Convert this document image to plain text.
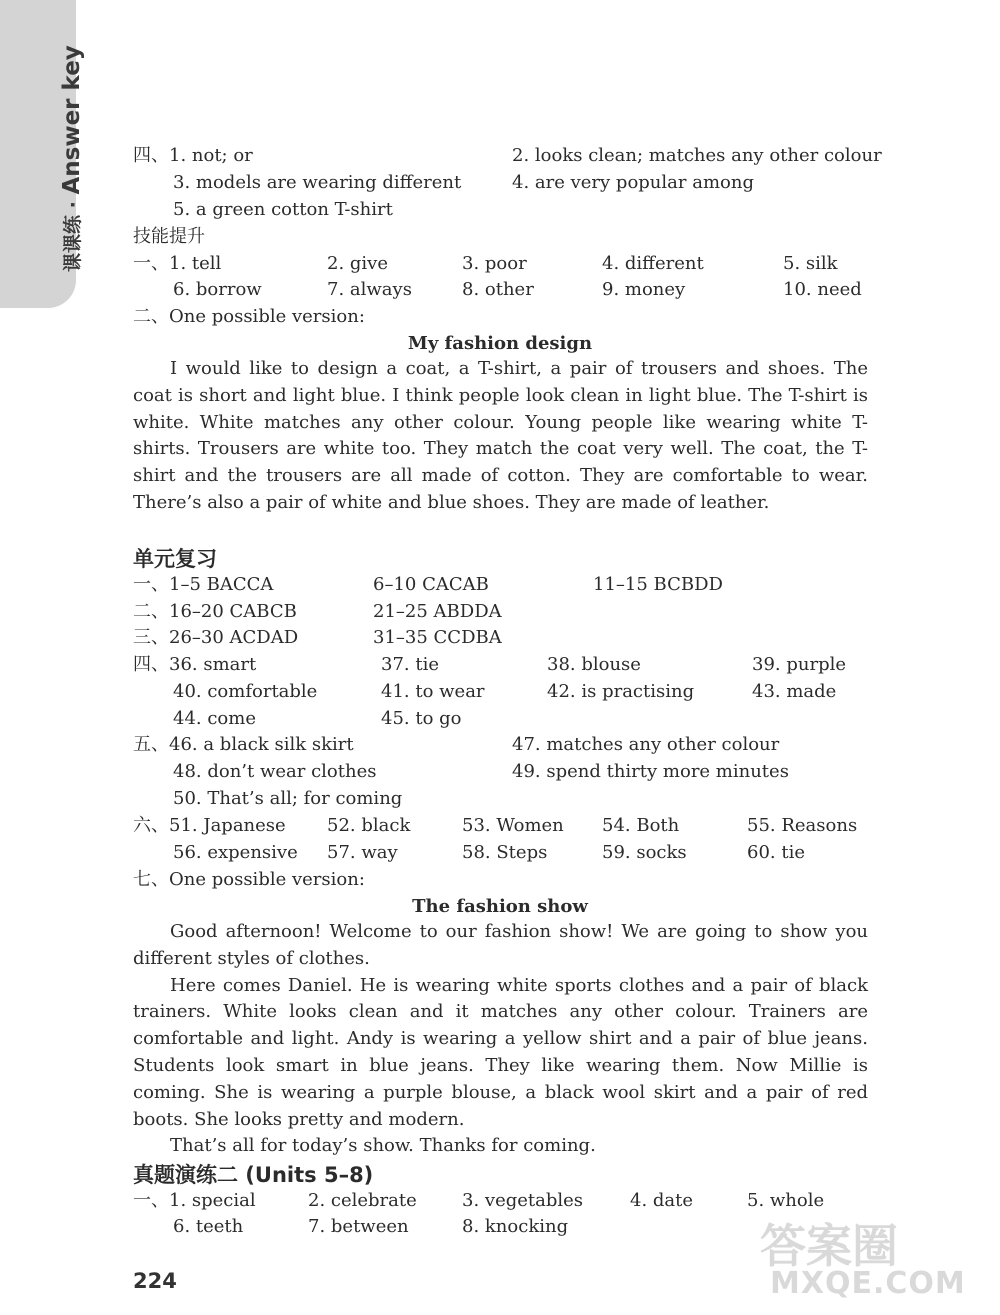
课课练 · Answer key	四、1. not; or	2. looks clean; matches any other colour
3. models are wearing different	4. are very popular among
5. a green cotton T-shirt
技能提升
一、1. tell	2. give	3. poor	4. different	5. silk
6. borrow	7. always	8. other	9. money	10. need
二、One possible version:
My fashion design

I would like to design a coat, a T-shirt, a pair of trousers and shoes. The coat is short and light blue. I think people look clean in light blue. The T-shirt is white. White matches any other colour. Young people like wearing white T-shirts. Trousers are white too. They match the coat very well. The coat, the T-shirt and the trousers are all made of cotton. They are comfortable to wear. There’s also a pair of white and blue shoes. They are made of leather.

单元复习
一、1–5 BACCA	6–10 CACAB	11–15 BCBDD
二、16–20 CABCB	21–25 ABDDA
三、26–30 ACDAD	31–35 CCDBA
四、36. smart	37. tie	38. blouse	39. purple
40. comfortable	41. to wear	42. is practising	43. made
44. come	45. to go
五、46. a black silk skirt	47. matches any other colour
48. don’t wear clothes	49. spend thirty more minutes
50. That’s all; for coming
六、51. Japanese 52. black	53. Women 54. Both	55. Reasons
56. expensive 57. way	58. Steps	59. socks	60. tie
七、One possible version:
The fashion show

Good afternoon! Welcome to our fashion show! We are going to show you different styles of clothes.

Here comes Daniel. He is wearing white sports clothes and a pair of black trainers. White looks clean and it matches any other colour. Trainers are comfortable and light. Andy is wearing a yellow shirt and a pair of blue jeans. Students look smart in blue jeans. They like wearing them. Now Millie is coming. She is wearing a purple blouse, a black wool skirt and a pair of red boots. She looks pretty and modern.

That’s all for today’s show. Thanks for coming.

真题演练二 (Units 5–8)
一、1. special	2. celebrate	3. vegetables	4. date	5. whole
6. teeth	7. between	8. knocking
224
答案圈
MXQE.COM
